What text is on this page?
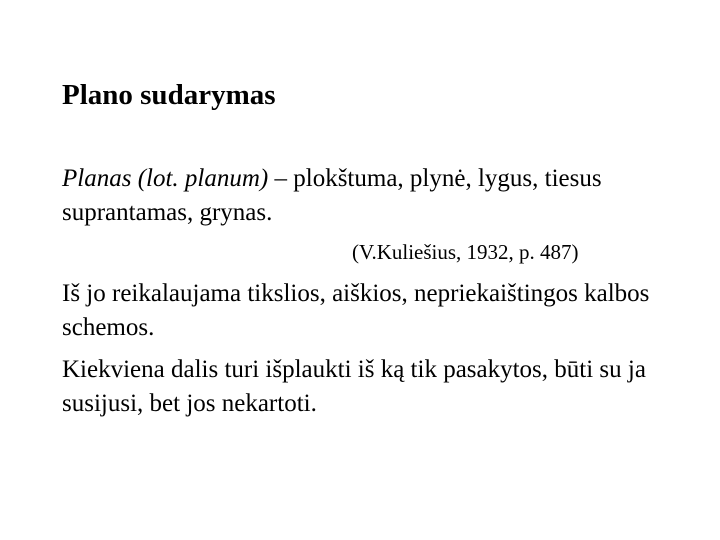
Plano sudarymas
Planas (lot. planum) – plokštuma, plynė, lygus, tiesus suprantamas, grynas.
(V.Kuliešius, 1932, p. 487)
Iš jo reikalaujama tikslios, aiškios, nepriekaištingos kalbos schemos.
Kiekviena dalis turi išplaukti iš ką tik pasakytos, būti su ja susijusi, bet jos nekartoti.
